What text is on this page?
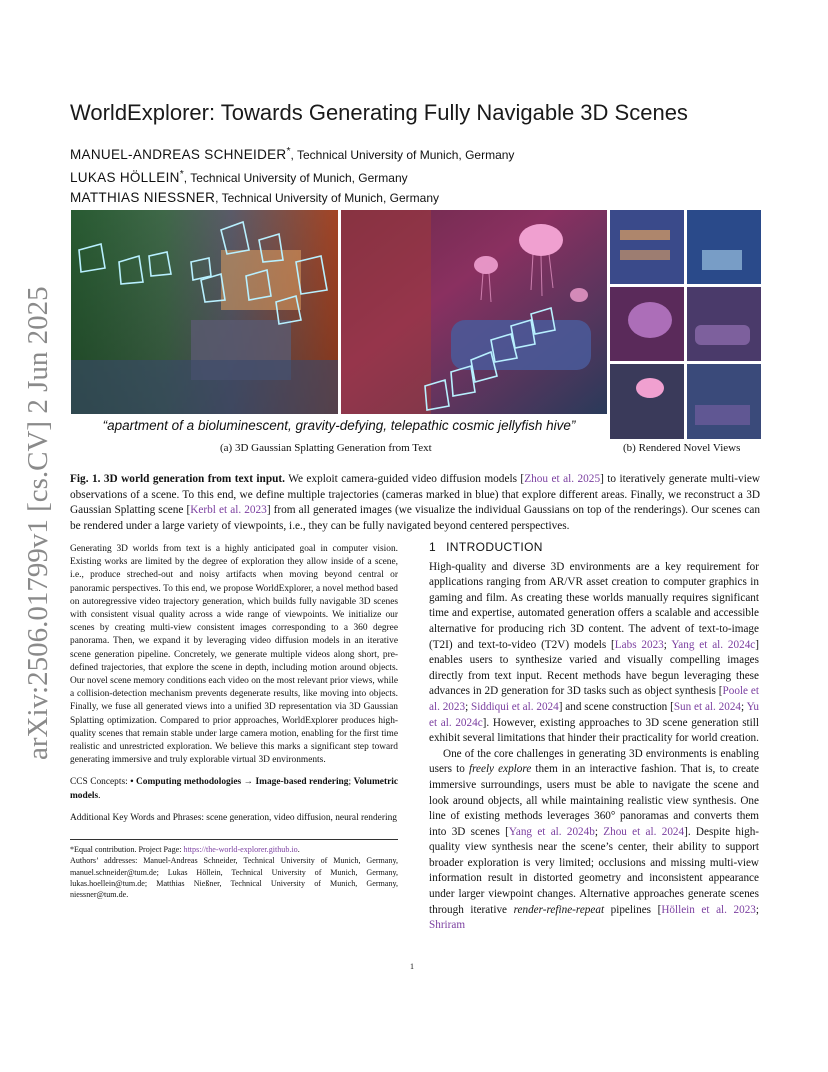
arXiv:2506.01799v1 [cs.CV] 2 Jun 2025
WorldExplorer: Towards Generating Fully Navigable 3D Scenes
MANUEL-ANDREAS SCHNEIDER*, Technical University of Munich, Germany
LUKAS HÖLLEIN*, Technical University of Munich, Germany
MATTHIAS NIESSNER, Technical University of Munich, Germany
“apartment of a bioluminescent, gravity-defying, telepathic cosmic jellyfish hive”
(a) 3D Gaussian Splatting Generation from Text	(b) Rendered Novel Views
Fig. 1. 3D world generation from text input. We exploit camera-guided video diffusion models [Zhou et al. 2025] to iteratively generate multi-view observations of a scene. To this end, we define multiple trajectories (cameras marked in blue) that explore different areas. Finally, we reconstruct a 3D Gaussian Splatting scene [Kerbl et al. 2023] from all generated images (we visualize the individual Gaussians on top of the renderings). Our scenes can be rendered under a large variety of viewpoints, i.e., they can be fully navigated beyond centered perspectives.

Generating 3D worlds from text is a highly anticipated goal in computer vision. Existing works are limited by the degree of exploration they allow inside of a scene, i.e., produce streched-out and noisy artifacts when moving beyond central or panoramic perspectives. To this end, we propose WorldExplorer, a novel method based on autoregressive video trajectory generation, which builds fully navigable 3D scenes with consistent visual quality across a wide range of viewpoints. We initialize our scenes by creating multi-view consistent images corresponding to a 360 degree panorama. Then, we expand it by leveraging video diffusion models in an iterative scene generation pipeline. Concretely, we generate multiple videos along short, pre-defined trajectories, that explore the scene in depth, including motion around objects. Our novel scene memory conditions each video on the most relevant prior views, while a collision-detection mechanism prevents degenerate results, like moving into objects. Finally, we fuse all generated views into a unified 3D representation via 3D Gaussian Splatting optimization. Compared to prior approaches, WorldExplorer produces high-quality scenes that remain stable under large camera motion, enabling for the first time realistic and unrestricted exploration. We believe this marks a significant step toward generating immersive and truly explorable virtual 3D environments.

CCS Concepts: • Computing methodologies → Image-based rendering; Volumetric models.

Additional Key Words and Phrases: scene generation, video diffusion, neural rendering

*Equal contribution. Project Page: https://the-world-explorer.github.io.

Authors’ addresses: Manuel-Andreas Schneider, Technical University of Munich, Germany, manuel.schneider@tum.de; Lukas Höllein, Technical University of Munich, Germany, lukas.hoellein@tum.de; Matthias Nießner, Technical University of Munich, Germany, niessner@tum.de.

1 INTRODUCTION

High-quality and diverse 3D environments are a key requirement for applications ranging from AR/VR asset creation to computer graphics in gaming and film. As creating these worlds manually requires significant time and expertise, automated generation offers a scalable and accessible alternative for producing rich 3D content. The advent of text-to-image (T2I) and text-to-video (T2V) models [Labs 2023; Yang et al. 2024c] enables users to synthesize varied and visually compelling images directly from text input. Recent methods have begun leveraging these advances in 2D generation for 3D tasks such as object synthesis [Poole et al. 2023; Siddiqui et al. 2024] and scene construction [Sun et al. 2024; Yu et al. 2024c]. However, existing approaches to 3D scene generation still exhibit several limitations that hinder their practicality for world creation.

One of the core challenges in generating 3D environments is enabling users to freely explore them in an interactive fashion. That is, to create immersive surroundings, users must be able to navigate the scene and look around objects, all while maintaining realistic view synthesis. One line of existing methods leverages 360° panoramas and converts them into 3D scenes [Yang et al. 2024b; Zhou et al. 2024]. Despite high-quality view synthesis near the scene’s center, their ability to support broader exploration is very limited; occlusions and missing multi-view information result in distorted geometry and inconsistent appearance under larger viewpoint changes. Alternative approaches generate scenes through iterative render-refine-repeat pipelines [Höllein et al. 2023; Shriram

1
